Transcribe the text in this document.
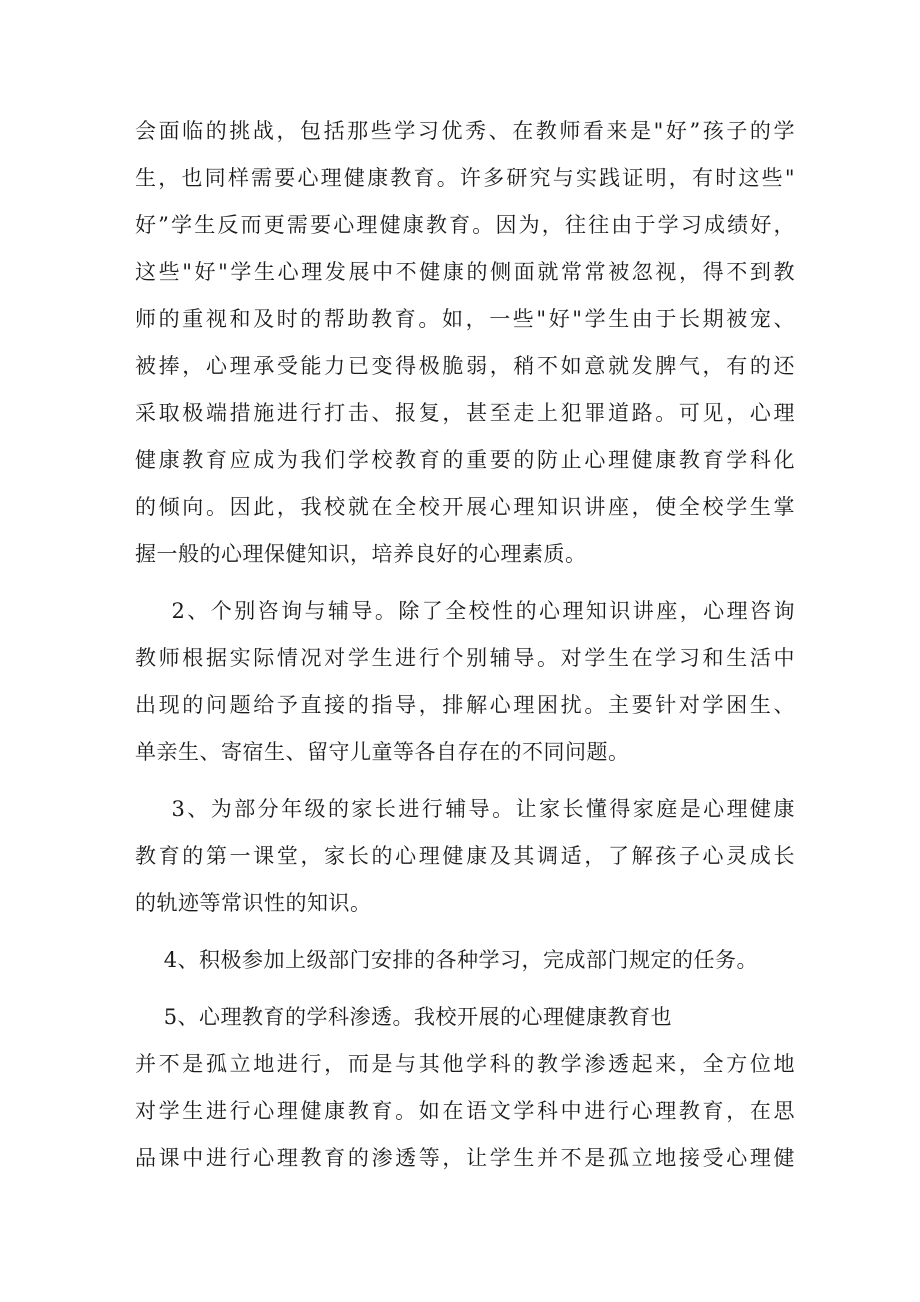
会面临的挑战，包括那些学习优秀、在教师看来是"好”孩子的学
生，也同样需要心理健康教育。许多研究与实践证明，有时这些"
好”学生反而更需要心理健康教育。因为，往往由于学习成绩好，
这些"好"学生心理发展中不健康的侧面就常常被忽视，得不到教
师的重视和及时的帮助教育。如，一些"好"学生由于长期被宠、
被捧，心理承受能力已变得极脆弱，稍不如意就发脾气，有的还
采取极端措施进行打击、报复，甚至走上犯罪道路。可见，心理
健康教育应成为我们学校教育的重要的防止心理健康教育学科化
的倾向。因此，我校就在全校开展心理知识讲座，使全校学生掌
握一般的心理保健知识，培养良好的心理素质。
2、个别咨询与辅导。除了全校性的心理知识讲座，心理咨询
教师根据实际情况对学生进行个别辅导。对学生在学习和生活中
出现的问题给予直接的指导，排解心理困扰。主要针对学困生、
单亲生、寄宿生、留守儿童等各自存在的不同问题。
3、为部分年级的家长进行辅导。让家长懂得家庭是心理健康
教育的第一课堂，家长的心理健康及其调适，了解孩子心灵成长
的轨迹等常识性的知识。
4、积极参加上级部门安排的各种学习，完成部门规定的任务。
5、心理教育的学科渗透。我校开展的心理健康教育也
并不是孤立地进行，而是与其他学科的教学渗透起来，全方位地
对学生进行心理健康教育。如在语文学科中进行心理教育，在思
品课中进行心理教育的渗透等，让学生并不是孤立地接受心理健
